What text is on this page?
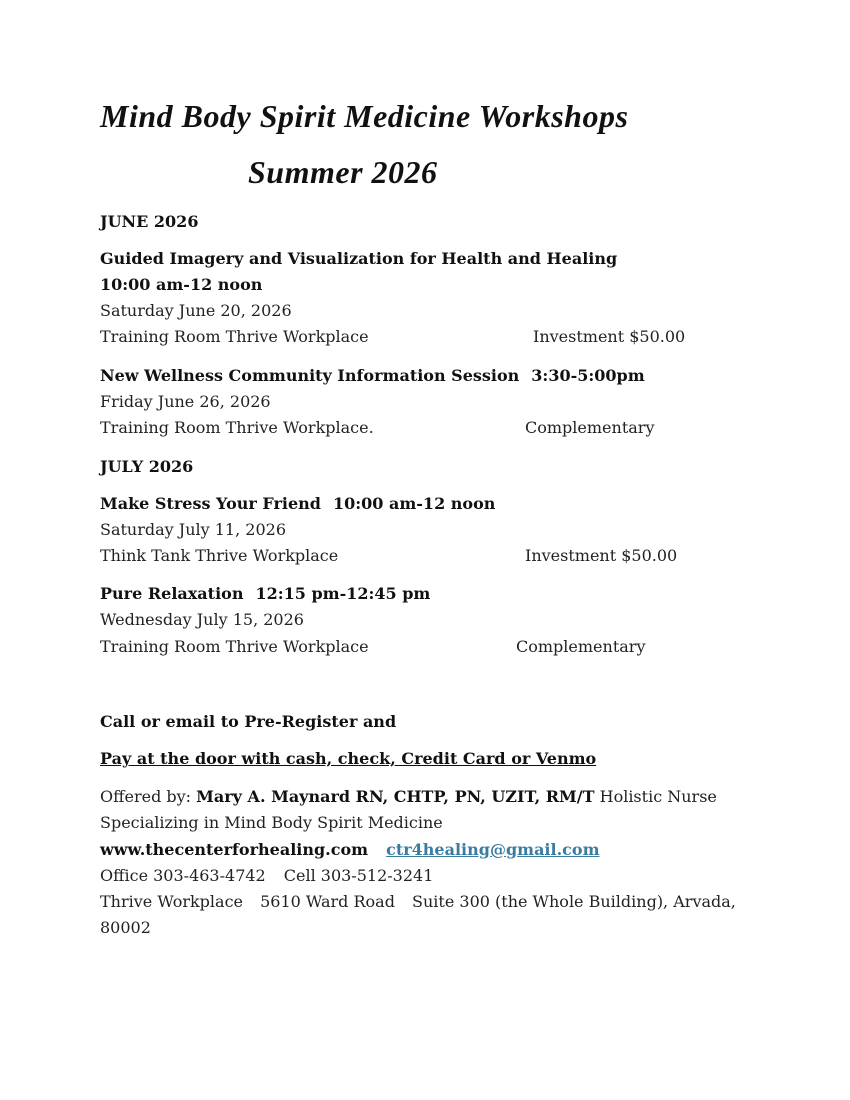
Mind Body Spirit Medicine Workshops
Summer 2026
JUNE 2026
Guided Imagery and Visualization for Health and Healing
10:00 am-12 noon
Saturday June 20, 2026
Training Room Thrive Workplace	Investment $50.00
New Wellness Community Information Session 3:30-5:00pm
Friday June 26, 2026
Training Room Thrive Workplace.	Complementary
JULY 2026
Make Stress Your Friend 10:00 am-12 noon
Saturday July 11, 2026
Think Tank Thrive Workplace	Investment $50.00
Pure Relaxation 12:15 pm-12:45 pm
Wednesday July 15, 2026
Training Room Thrive Workplace	Complementary
Call or email to Pre-Register and
Pay at the door with cash, check, Credit Card or Venmo
Offered by: Mary A. Maynard RN, CHTP, PN, UZIT, RM/T Holistic Nurse
Specializing in Mind Body Spirit Medicine
www.thecenterforhealing.com ctr4healing@gmail.com
Office 303-463-4742 Cell 303-512-3241
Thrive Workplace 5610 Ward Road Suite 300 (the Whole Building), Arvada,
80002
